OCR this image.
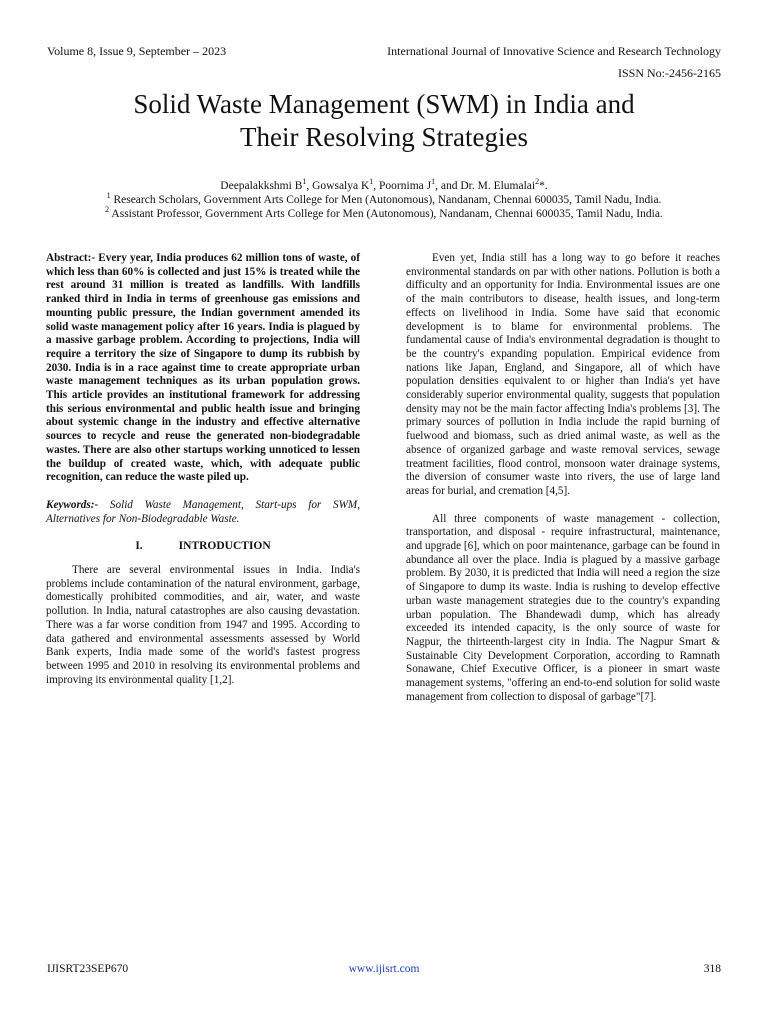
Volume 8, Issue 9, September – 2023	International Journal of Innovative Science and Research Technology
ISSN No:-2456-2165
Solid Waste Management (SWM) in India and
Their Resolving Strategies
Deepalakkshmi $B^1$, Gowsalya $K^1$, Poornima $J^1$, and Dr. M. Elumalai$^2$*.
$^1$ Research Scholars, Government Arts College for Men (Autonomous), Nandanam, Chennai 600035, Tamil Nadu, India.
$^2$ Assistant Professor, Government Arts College for Men (Autonomous), Nandanam, Chennai 600035, Tamil Nadu, India.

Abstract:- Every year, India produces 62 million tons of waste, of which less than 60% is collected and just 15% is treated while the rest around 31 million is treated as landfills. With landfills ranked third in India in terms of greenhouse gas emissions and mounting public pressure, the Indian government amended its solid waste management policy after 16 years. India is plagued by a massive garbage problem. According to projections, India will require a territory the size of Singapore to dump its rubbish by 2030. India is in a race against time to create appropriate urban waste management techniques as its urban population grows. This article provides an institutional framework for addressing this serious environmental and public health issue and bringing about systemic change in the industry and effective alternative sources to recycle and reuse the generated non-biodegradable wastes. There are also other startups working unnoticed to lessen the buildup of created waste, which, with adequate public recognition, can reduce the waste piled up.

Keywords:- Solid Waste Management, Start-ups for SWM, Alternatives for Non-Biodegradable Waste.

I.	INTRODUCTION

There are several environmental issues in India. India's problems include contamination of the natural environment, garbage, domestically prohibited commodities, and air, water, and waste pollution. In India, natural catastrophes are also causing devastation. There was a far worse condition from 1947 and 1995. According to data gathered and environmental assessments assessed by World Bank experts, India made some of the world's fastest progress between 1995 and 2010 in resolving its environmental problems and improving its environmental quality [1,2].

Even yet, India still has a long way to go before it reaches environmental standards on par with other nations. Pollution is both a difficulty and an opportunity for India. Environmental issues are one of the main contributors to disease, health issues, and long-term effects on livelihood in India. Some have said that economic development is to blame for environmental problems. The fundamental cause of India's environmental degradation is thought to be the country's expanding population. Empirical evidence from nations like Japan, England, and Singapore, all of which have population densities equivalent to or higher than India's yet have considerably superior environmental quality, suggests that population density may not be the main factor affecting India's problems [3]. The primary sources of pollution in India include the rapid burning of fuelwood and biomass, such as dried animal waste, as well as the absence of organized garbage and waste removal services, sewage treatment facilities, flood control, monsoon water drainage systems, the diversion of consumer waste into rivers, the use of large land areas for burial, and cremation [4,5].

All three components of waste management - collection, transportation, and disposal - require infrastructural, maintenance, and upgrade [6], which on poor maintenance, garbage can be found in abundance all over the place. India is plagued by a massive garbage problem. By 2030, it is predicted that India will need a region the size of Singapore to dump its waste. India is rushing to develop effective urban waste management strategies due to the country's expanding urban population. The Bhandewadi dump, which has already exceeded its intended capacity, is the only source of waste for Nagpur, the thirteenth-largest city in India. The Nagpur Smart & Sustainable City Development Corporation, according to Ramnath Sonawane, Chief Executive Officer, is a pioneer in smart waste management systems, "offering an end-to-end solution for solid waste management from collection to disposal of garbage"[7].

IJISRT23SEP670	www.ijisrt.com	318
